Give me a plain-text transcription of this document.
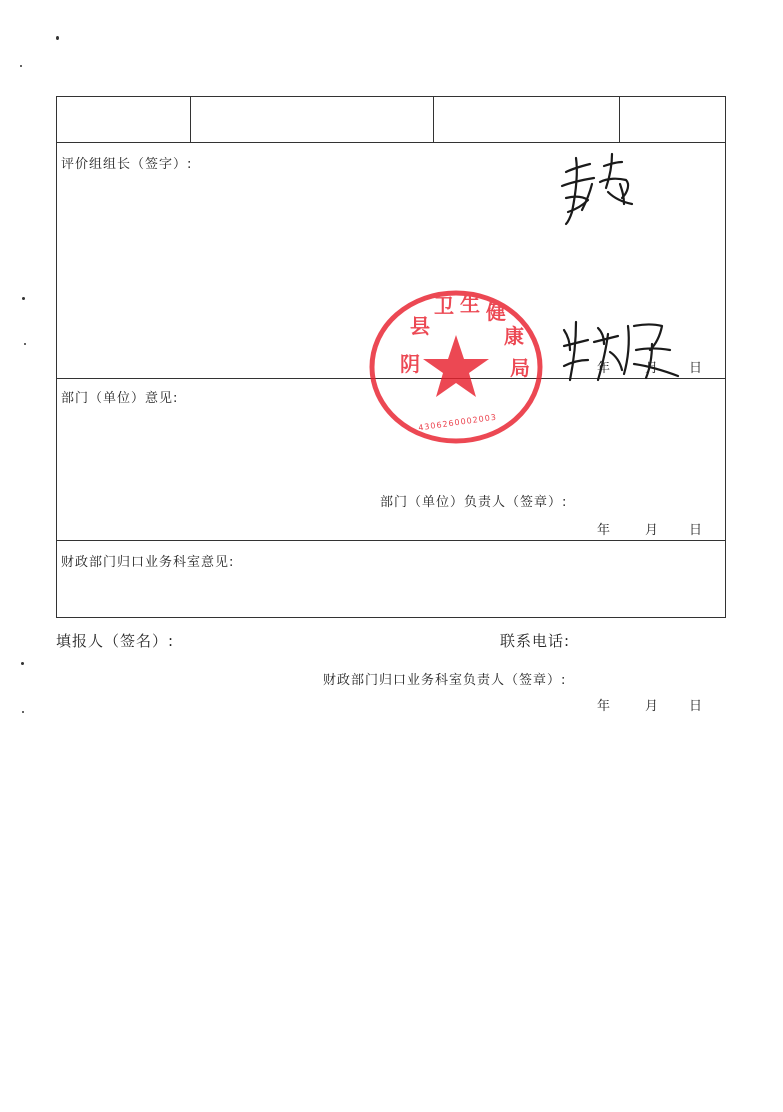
评价组组长（签字）:
年	月 日
部门（单位）意见:
部门（单位）负责人（签章）:
年	月 日
财政部门归口业务科室意见:
财政部门归口业务科室负责人（签章）:
年	月 日
阴
县
卫 生 健
康
局
4306260002003
填报人（签名）:	联系电话:
